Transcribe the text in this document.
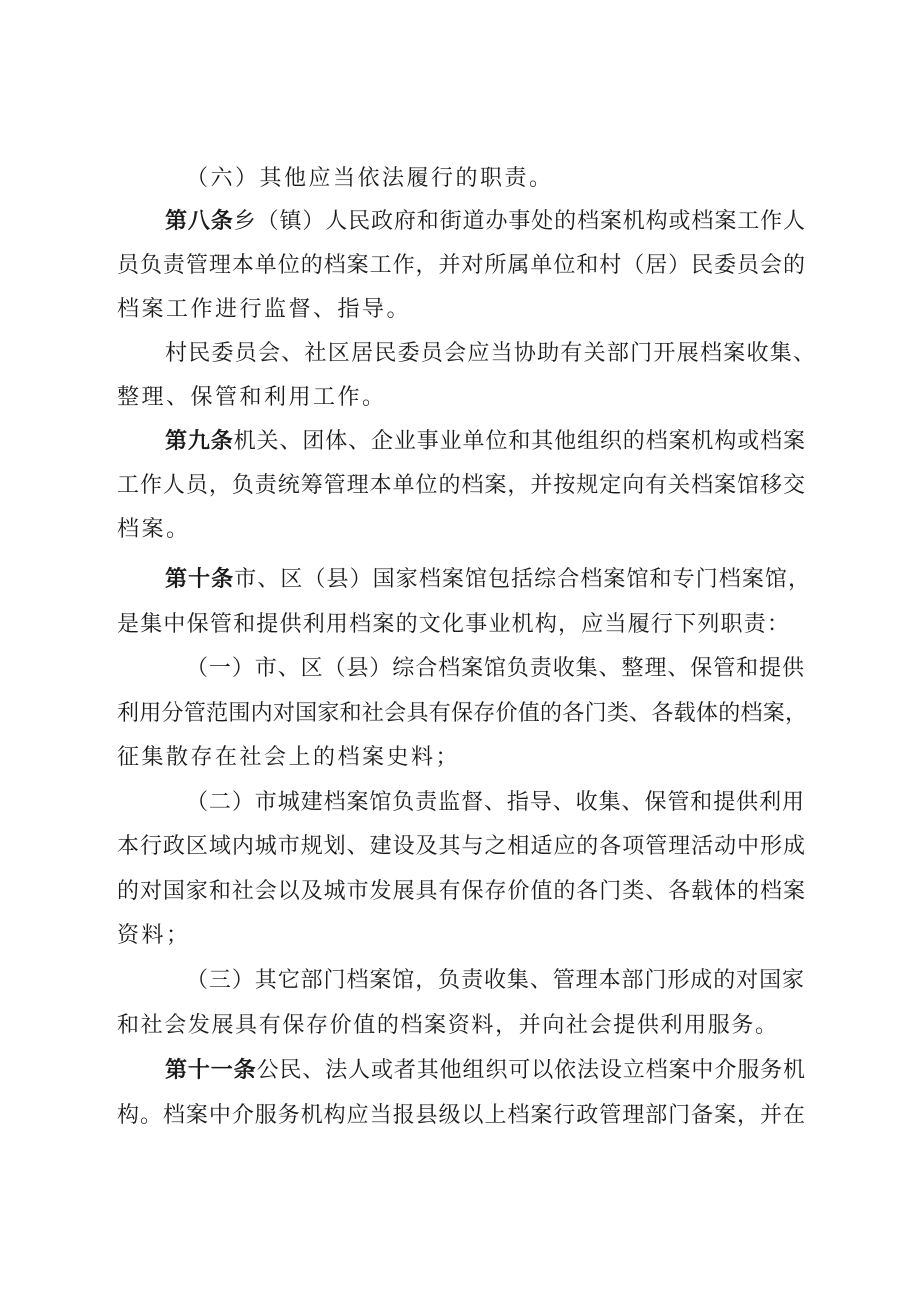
（六）其他应当依法履行的职责。
第八条乡（镇）人民政府和街道办事处的档案机构或档案工作人
员负责管理本单位的档案工作，并对所属单位和村（居）民委员会的
档案工作进行监督、指导。
村民委员会、社区居民委员会应当协助有关部门开展档案收集、
整理、保管和利用工作。
第九条机关、团体、企业事业单位和其他组织的档案机构或档案
工作人员，负责统筹管理本单位的档案，并按规定向有关档案馆移交
档案。
第十条市、区（县）国家档案馆包括综合档案馆和专门档案馆，
是集中保管和提供利用档案的文化事业机构，应当履行下列职责：
（一）市、区（县）综合档案馆负责收集、整理、保管和提供
利用分管范围内对国家和社会具有保存价值的各门类、各载体的档案，
征集散存在社会上的档案史料；
（二）市城建档案馆负责监督、指导、收集、保管和提供利用
本行政区域内城市规划、建设及其与之相适应的各项管理活动中形成
的对国家和社会以及城市发展具有保存价值的各门类、各载体的档案
资料；
（三）其它部门档案馆，负责收集、管理本部门形成的对国家
和社会发展具有保存价值的档案资料，并向社会提供利用服务。
第十一条公民、法人或者其他组织可以依法设立档案中介服务机
构。档案中介服务机构应当报县级以上档案行政管理部门备案，并在
